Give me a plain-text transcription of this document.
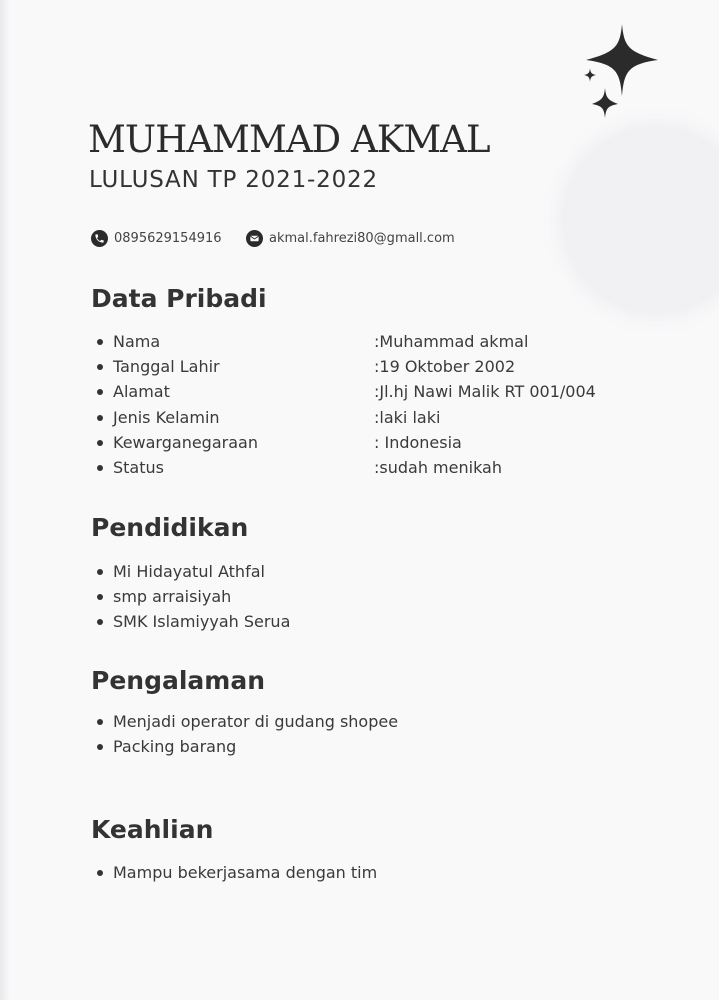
MUHAMMAD AKMAL
LULUSAN TP 2021-2022
0895629154916	akmal.fahrezi80@gmall.com
Data Pribadi
Nama	:Muhammad akmal
Tanggal Lahir	:19 Oktober 2002
Alamat	:Jl.hj Nawi Malik RT 001/004
Jenis Kelamin	:laki laki
Kewarganegaraan	: Indonesia
Status	:sudah menikah
Pendidikan
Mi Hidayatul Athfal
smp arraisiyah
SMK Islamiyyah Serua
Pengalaman
Menjadi operator di gudang shopee
Packing barang
Keahlian
Mampu bekerjasama dengan tim
